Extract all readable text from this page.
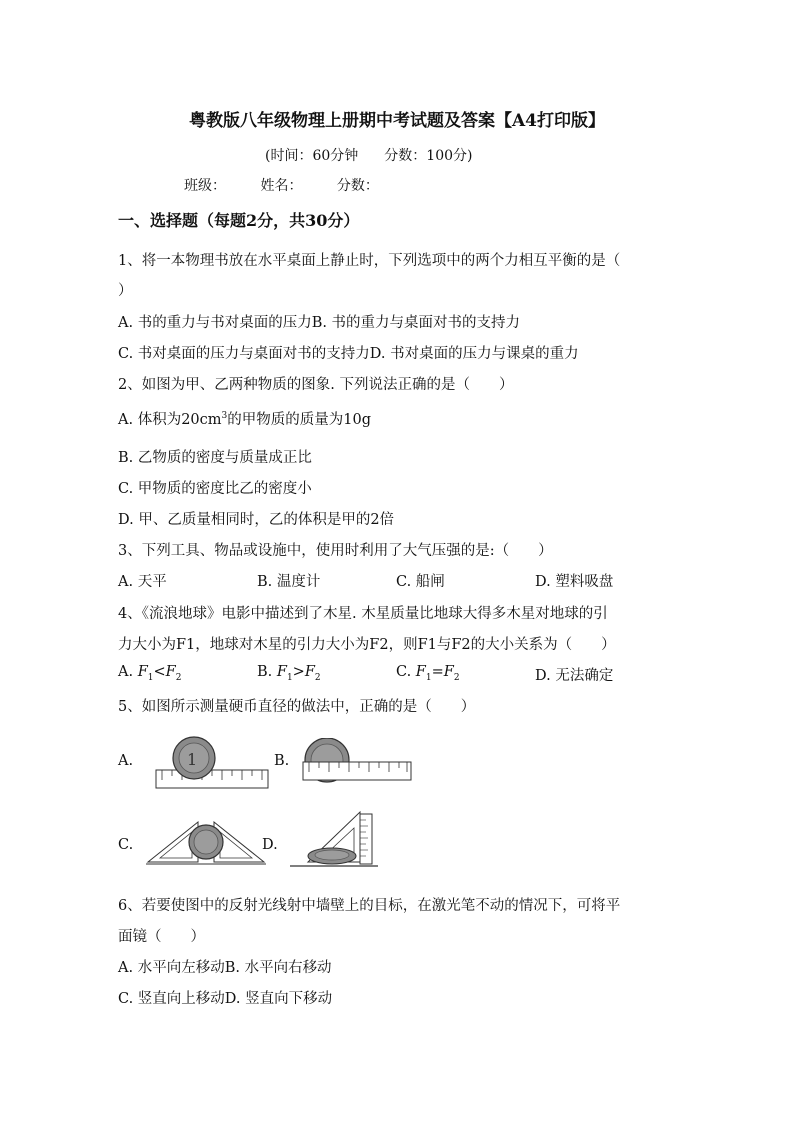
粤教版八年级物理上册期中考试题及答案【A4打印版】
(时间：60分钟 分数：100分)
班级： 姓名： 分数：
一、选择题（每题2分，共30分）
1、将一本物理书放在水平桌面上静止时，下列选项中的两个力相互平衡的是（
）
A. 书的重力与书对桌面的压力B. 书的重力与桌面对书的支持力
C. 书对桌面的压力与桌面对书的支持力D. 书对桌面的压力与课桌的重力
2、如图为甲、乙两种物质的图象. 下列说法正确的是（　　）
A. 体积为$20cm^3$的甲物质的质量为10g
B. 乙物质的密度与质量成正比
C. 甲物质的密度比乙的密度小
D. 甲、乙质量相同时，乙的体积是甲的2倍
3、下列工具、物品或设施中，使用时利用了大气压强的是:（　　）
A. 天平	B. 温度计	C. 船闸	D. 塑料吸盘
4、《流浪地球》电影中描述到了木星. 木星质量比地球大得多木星对地球的引
力大小为F1，地球对木星的引力大小为F2，则F1与F2的大小关系为（　　）
A. $F_1<F_2$	B. $F_1>F_2$	C. $F_1=F_2$	D. 无法确定
5、如图所示测量硬币直径的做法中，正确的是（　　）
A.	1	B.
C.	D.
6、若要使图中的反射光线射中墙壁上的目标，在激光笔不动的情况下，可将平
面镜（　　）
A. 水平向左移动B. 水平向右移动
C. 竖直向上移动D. 竖直向下移动
